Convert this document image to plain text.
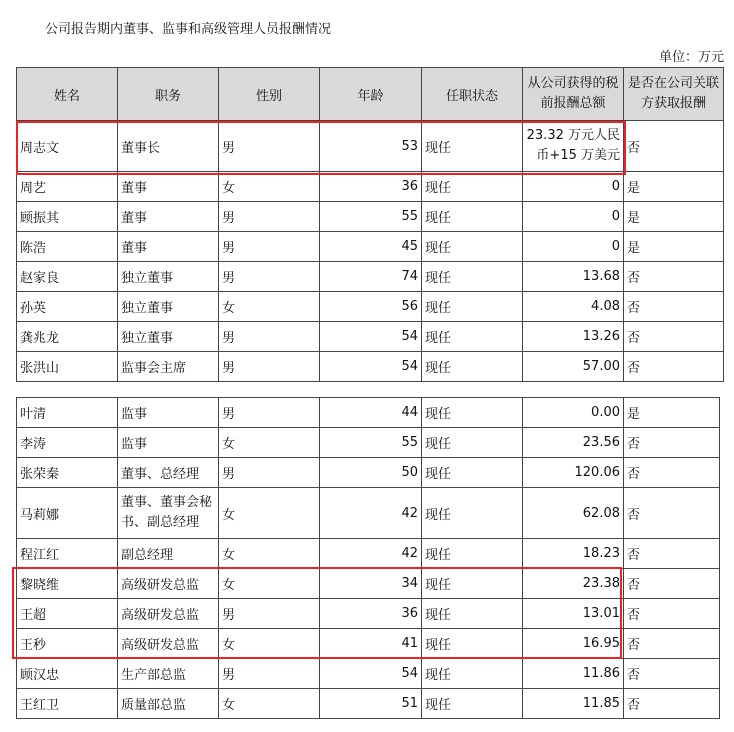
公司报告期内董事、监事和高级管理人员报酬情况
单位：万元
姓名	职务	性别	年龄	任职状态	从公司获得的税前报酬总额	是否在公司关联方获取报酬
周志文	董事长	男	53	现任	23.32 万元人民币+15 万美元	否
周艺	董事	女	36	现任	0	是
顾振其	董事	男	55	现任	0	是
陈浩	董事	男	45	现任	0	是
赵家良	独立董事	男	74	现任	13.68	否
孙英	独立董事	女	56	现任	4.08	否
龚兆龙	独立董事	男	54	现任	13.26	否
张洪山	监事会主席	男	54	现任	57.00	否
叶清	监事	男	44	现任	0.00	是
李涛	监事	女	55	现任	23.56	否
张荣秦	董事、总经理	男	50	现任	120.06	否
马莉娜	董事、董事会秘书、副总经理	女	42	现任	62.08	否
程江红	副总经理	女	42	现任	18.23	否
黎晓维	高级研发总监	女	34	现任	23.38	否
王超	高级研发总监	男	36	现任	13.01	否
王秒	高级研发总监	女	41	现任	16.95	否
顾汉忠	生产部总监	男	54	现任	11.86	否
王红卫	质量部总监	女	51	现任	11.85	否
